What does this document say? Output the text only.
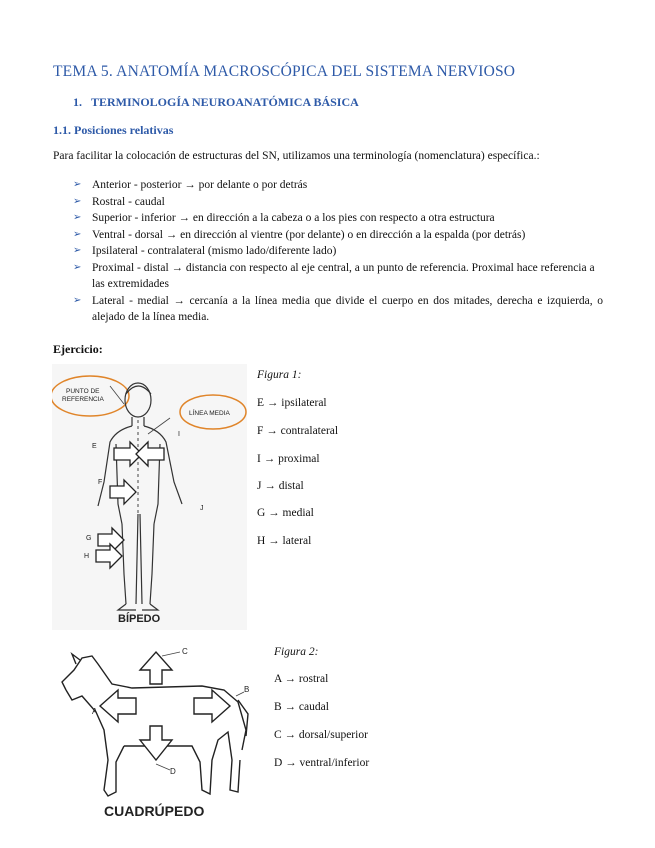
TEMA 5. ANATOMÍA MACROSCÓPICA DEL SISTEMA NERVIOSO
1. TERMINOLOGÍA NEUROANATÓMICA BÁSICA
1.1. Posiciones relativas
Para facilitar la colocación de estructuras del SN, utilizamos una terminología (nomenclatura) específica.:
➢ Anterior - posterior → por delante o por detrás
➢ Rostral - caudal
➢ Superior - inferior → en dirección a la cabeza o a los pies con respecto a otra estructura
➢ Ventral - dorsal → en dirección al vientre (por delante) o en dirección a la espalda (por detrás)
➢ Ipsilateral - contralateral (mismo lado/diferente lado)
➢ Proximal - distal → distancia con respecto al eje central, a un punto de referencia. Proximal hace referencia a las extremidades
➢ Lateral - medial → cercanía a la línea media que divide el cuerpo en dos mitades, derecha e izquierda, o alejado de la línea media.
Ejercicio:
PUNTO DE
REFERENCIA
LÍNEA MEDIA
E
F
G
H
I
J
BÍPEDO
Figura 1:
E → ipsilateral
F → contralateral
I → proximal
J → distal
G → medial
H → lateral
A
B
C
D
CUADRÚPEDO
Figura 2:
A → rostral
B → caudal
C → dorsal/superior
D → ventral/inferior
